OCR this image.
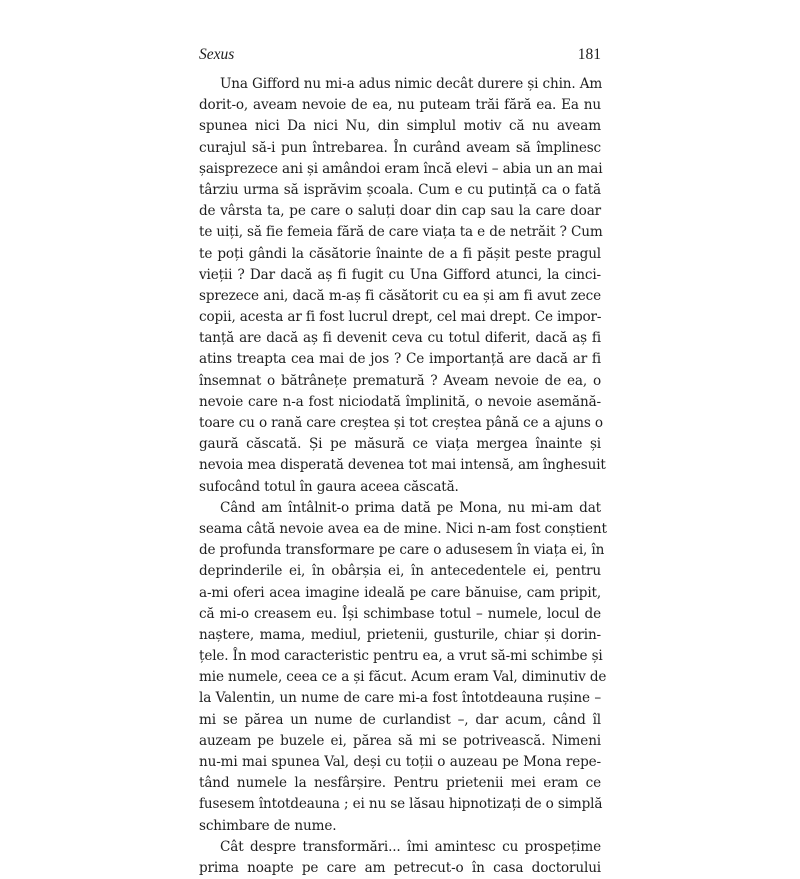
Sexus	181
Una Gifford nu mi-a adus nimic decât durere și chin. Am
dorit-o, aveam nevoie de ea, nu puteam trăi fără ea. Ea nu
spunea nici Da nici Nu, din simplul motiv că nu aveam
curajul să-i pun întrebarea. În curând aveam să împlinesc
șaisprezece ani și amândoi eram încă elevi – abia un an mai
târziu urma să isprăvim școala. Cum e cu putință ca o fată
de vârsta ta, pe care o saluți doar din cap sau la care doar
te uiți, să fie femeia fără de care viața ta e de netrăit ? Cum
te poți gândi la căsătorie înainte de a fi pășit peste pragul
vieții ? Dar dacă aș fi fugit cu Una Gifford atunci, la cinci-
sprezece ani, dacă m-aș fi căsătorit cu ea și am fi avut zece
copii, acesta ar fi fost lucrul drept, cel mai drept. Ce impor-
tanță are dacă aș fi devenit ceva cu totul diferit, dacă aș fi
atins treapta cea mai de jos ? Ce importanță are dacă ar fi
însemnat o bătrânețe prematură ? Aveam nevoie de ea, o
nevoie care n-a fost niciodată împlinită, o nevoie asemănă-
toare cu o rană care creștea și tot creștea până ce a ajuns o
gaură căscată. Și pe măsură ce viața mergea înainte și
nevoia mea disperată devenea tot mai intensă, am înghesuit
sufocând totul în gaura aceea căscată.
Când am întâlnit-o prima dată pe Mona, nu mi-am dat
seama câtă nevoie avea ea de mine. Nici n-am fost conștient
de profunda transformare pe care o adusesem în viața ei, în
deprinderile ei, în obârșia ei, în antecedentele ei, pentru
a-mi oferi acea imagine ideală pe care bănuise, cam pripit,
că mi-o creasem eu. Își schimbase totul – numele, locul de
naștere, mama, mediul, prietenii, gusturile, chiar și dorin-
țele. În mod caracteristic pentru ea, a vrut să-mi schimbe și
mie numele, ceea ce a și făcut. Acum eram Val, diminutiv de
la Valentin, un nume de care mi-a fost întotdeauna rușine –
mi se părea un nume de curlandist –, dar acum, când îl
auzeam pe buzele ei, părea să mi se potrivească. Nimeni
nu-mi mai spunea Val, deși cu toții o auzeau pe Mona repe-
tând numele la nesfârșire. Pentru prietenii mei eram ce
fusesem întotdeauna ; ei nu se lăsau hipnotizați de o simplă
schimbare de nume.
Cât despre transformări... îmi amintesc cu prospețime
prima noapte pe care am petrecut-o în casa doctorului
